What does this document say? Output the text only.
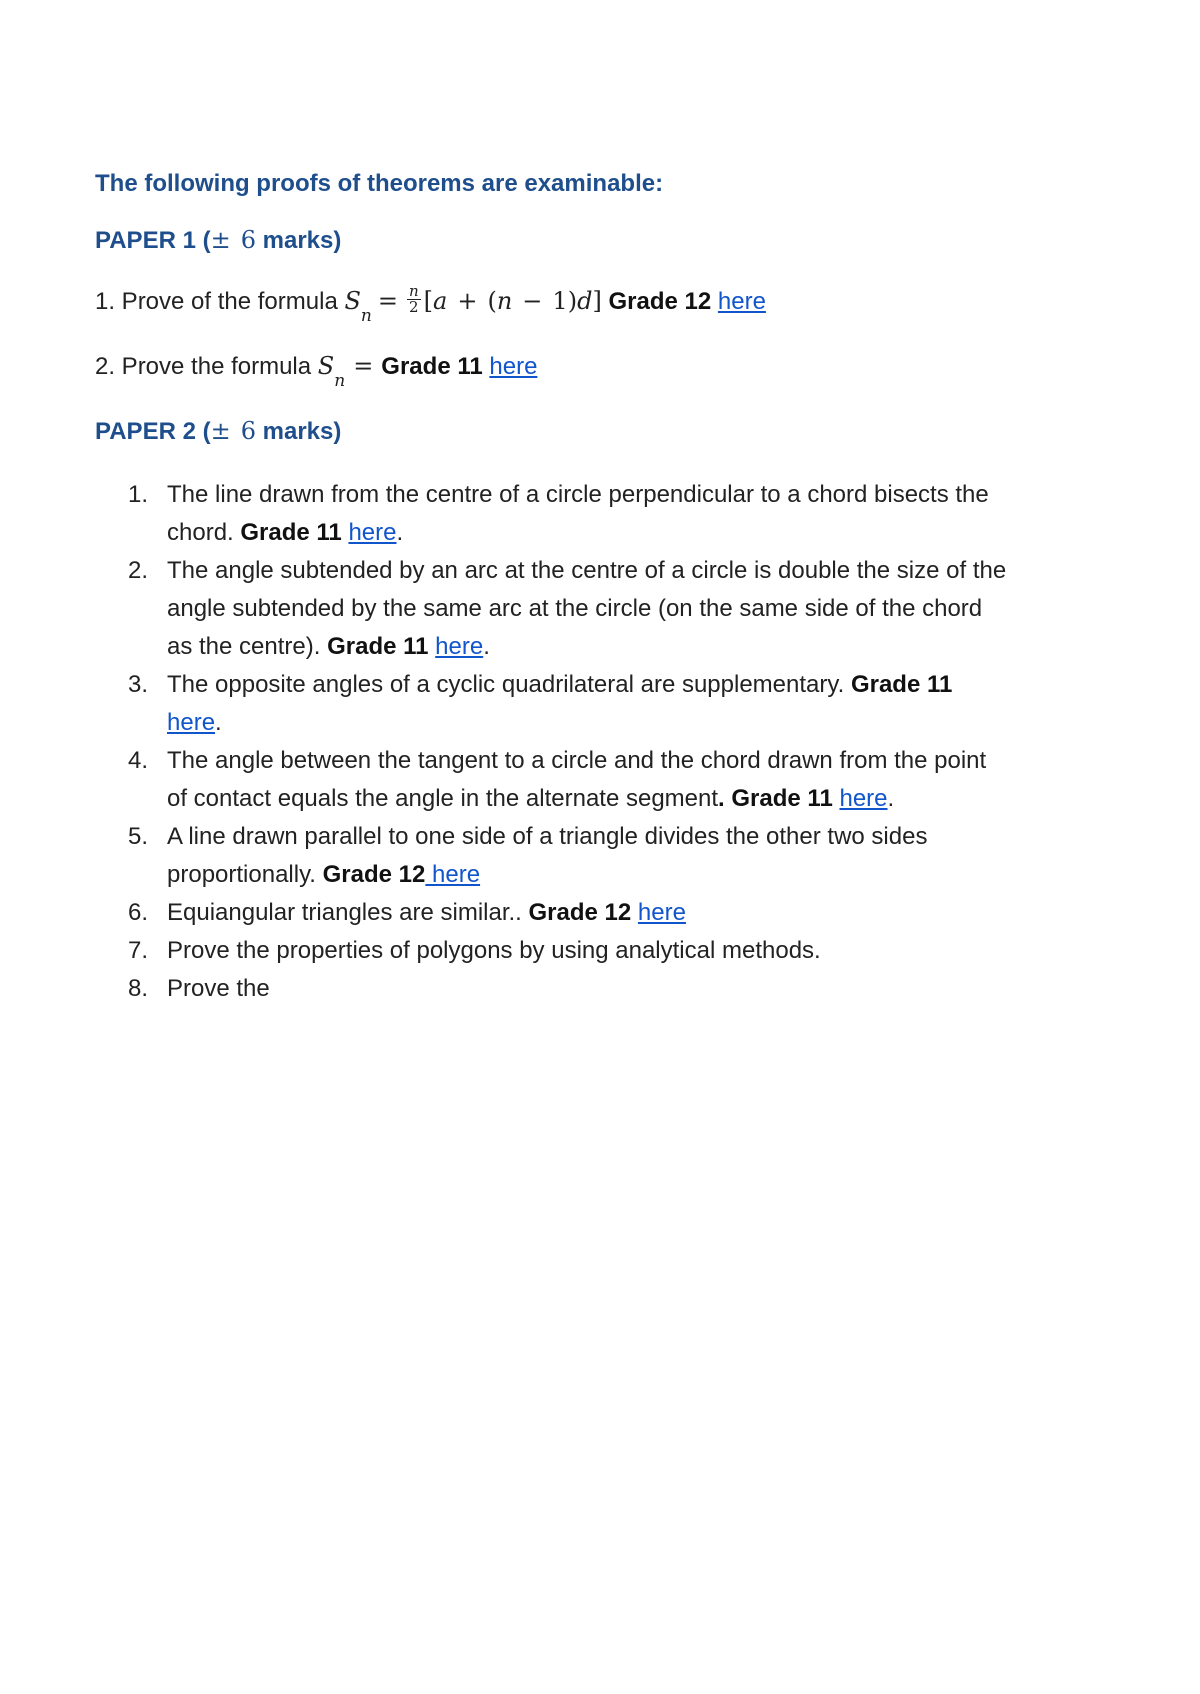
The following proofs of theorems are examinable:

PAPER 1 (± 6 marks)

1. Prove of the formula $S_n= \frac{n}{2} [a + (n - 1)d]$ Grade 12 here

2. Prove the formula $S_n=$ Grade 11 here

PAPER 2 (± 6 marks)

1. The line drawn from the centre of a circle perpendicular to a chord bisects the
chord. Grade 11 here.
2. The angle subtended by an arc at the centre of a circle is double the size of the
angle subtended by the same arc at the circle (on the same side of the chord
as the centre). Grade 11 here.
3. The opposite angles of a cyclic quadrilateral are supplementary. Grade 11
here.
4. The angle between the tangent to a circle and the chord drawn from the point
of contact equals the angle in the alternate segment. Grade 11 here.
5. A line drawn parallel to one side of a triangle divides the other two sides
proportionally. Grade 12 here
6. Equiangular triangles are similar.. Grade 12 here
7. Prove the properties of polygons by using analytical methods.
8. Prove the
